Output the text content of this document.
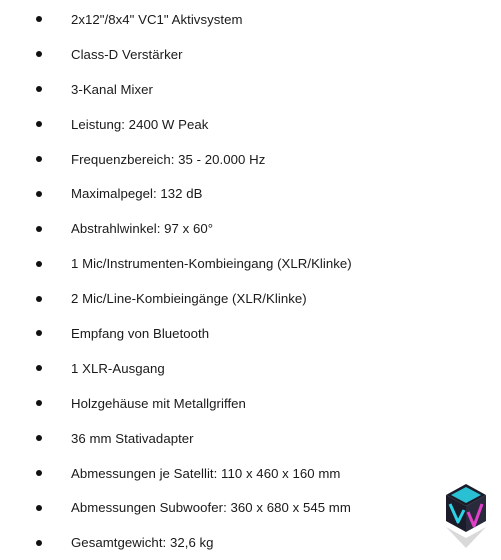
2x12"/8x4" VC1" Aktivsystem
Class-D Verstärker
3-Kanal Mixer
Leistung: 2400 W Peak
Frequenzbereich: 35 - 20.000 Hz
Maximalpegel: 132 dB
Abstrahlwinkel: 97 x 60°
1 Mic/Instrumenten-Kombieingang (XLR/Klinke)
2 Mic/Line-Kombieingänge (XLR/Klinke)
Empfang von Bluetooth
1 XLR-Ausgang
Holzgehäuse mit Metallgriffen
36 mm Stativadapter
Abmessungen je Satellit: 110 x 460 x 160 mm
Abmessungen Subwoofer: 360 x 680 x 545 mm
Gesamtgewicht: 32,6 kg
